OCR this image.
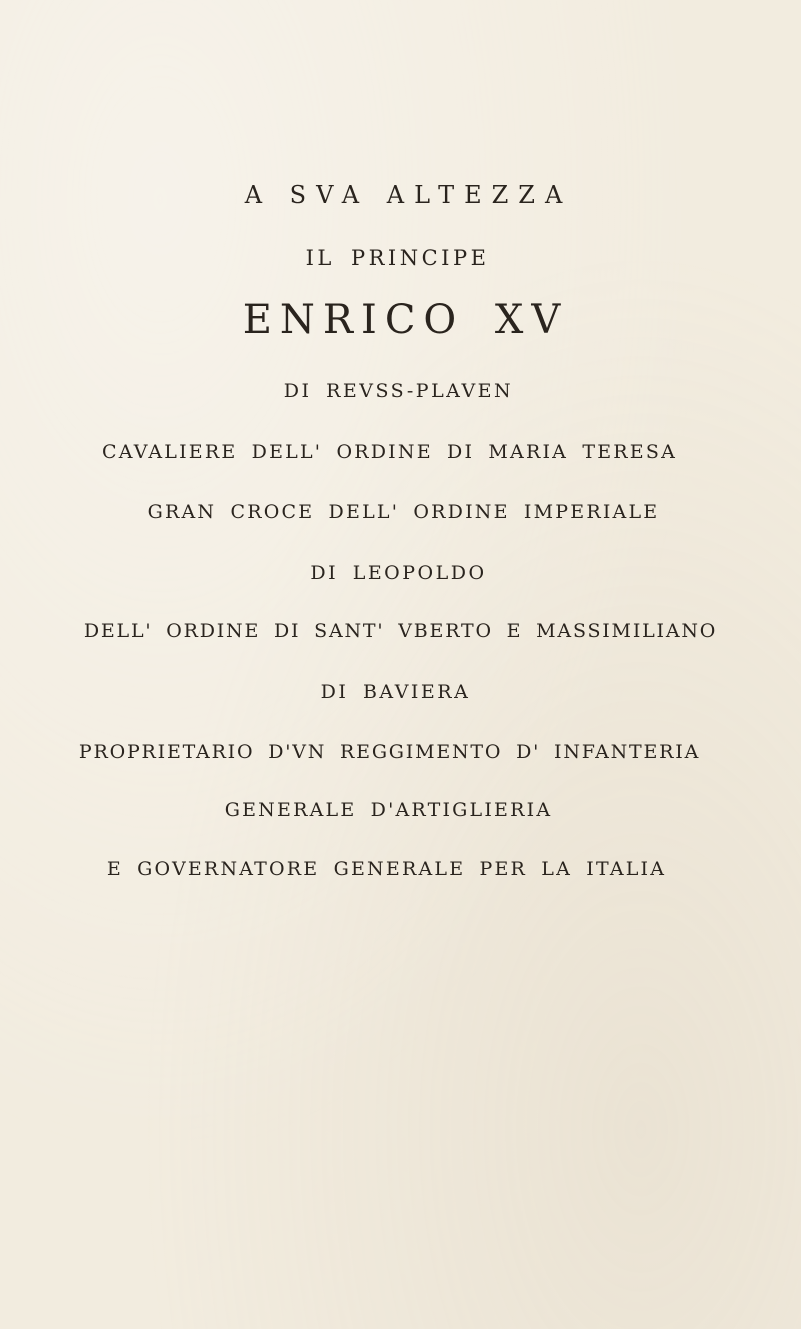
A SVA ALTEZZA
IL PRINCIPE
ENRICO XV
DI REVSS-PLAVEN
CAVALIERE DELL' ORDINE DI MARIA TERESA
GRAN CROCE DELL' ORDINE IMPERIALE
DI LEOPOLDO
DELL' ORDINE DI SANT' VBERTO E MASSIMILIANO
DI BAVIERA
PROPRIETARIO D'VN REGGIMENTO D' INFANTERIA
GENERALE D'ARTIGLIERIA
E GOVERNATORE GENERALE PER LA ITALIA
